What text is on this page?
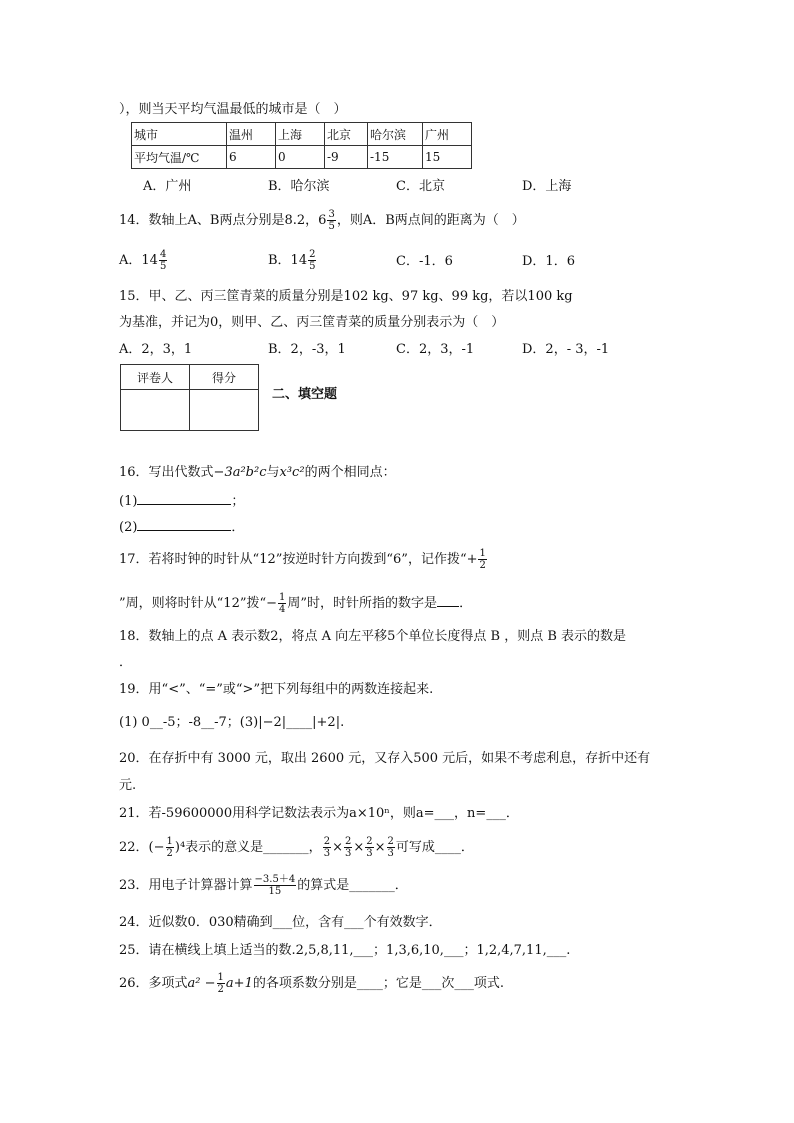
），则当天平均气温最低的城市是（　）
城市	温州	上海	北京	哈尔滨	广州
平均气温/℃	6	0	-9	-15	15
A．广州	B．哈尔滨	C．北京	D．上海
14．数轴上A、B两点分别是8.2，$6 \frac{3}{5}$ ，则A．B两点间的距离为（　）
A．$14 \frac{4}{5}$	B．$14 \frac{2}{5}$	C．-1．6	D．1．6
15．甲、乙、丙三筐青菜的质量分别是102 kg、97 kg、99 kg，若以100 kg
为基准，并记为0，则甲、乙、丙三筐青菜的质量分别表示为（　）
A．2，3，1	B．2，-3，1	C．2，3，-1	D．2，- 3，-1
评卷人	得分

二、填空题
16．写出代数式−3a²b²c与x³c²的两个相同点：
(1)	；
(2)	．
17．若将时钟的时针从“12”按逆时针方向拨到“6”，记作拨“+ $\frac{1}{2}$
”周，则将时针从“12”拨“− $\frac{1}{4}$ 周”时，时针所指的数字是 ．
18．数轴上的点 A 表示数2，将点 A 向左平移5个单位长度得点 B ，则点 B 表示的数是
．
19．用“<”、“=”或“>”把下列每组中的两数连接起来.
(1) 0__-5；-8__-7；(3)|−2|____|+2|.
20．在存折中有 3000 元，取出 2600 元，又存入500 元后，如果不考虑利息，存折中还有
元.
21．若-59600000用科学记数法表示为a×10ⁿ，则a=___，n=___．
22．(− $\frac{1}{2} )^4$表示的意义是_______， $\frac{2}{3} \times \frac{2}{3} \times \frac{2}{3} \times \frac{2}{3}$ 可写成____．
23．用电子计算器计算 $\frac{-3.5+4}{15}$ 的算式是_______．
24．近似数0．030精确到___位，含有___个有效数字．
25．请在横线上填上适当的数.2,5,8,11,___；1,3,6,10,___；1,2,4,7,11,___.
26．多项式$a^2 - \frac{1}{2} a+1$的各项系数分别是____；它是___次___项式.
